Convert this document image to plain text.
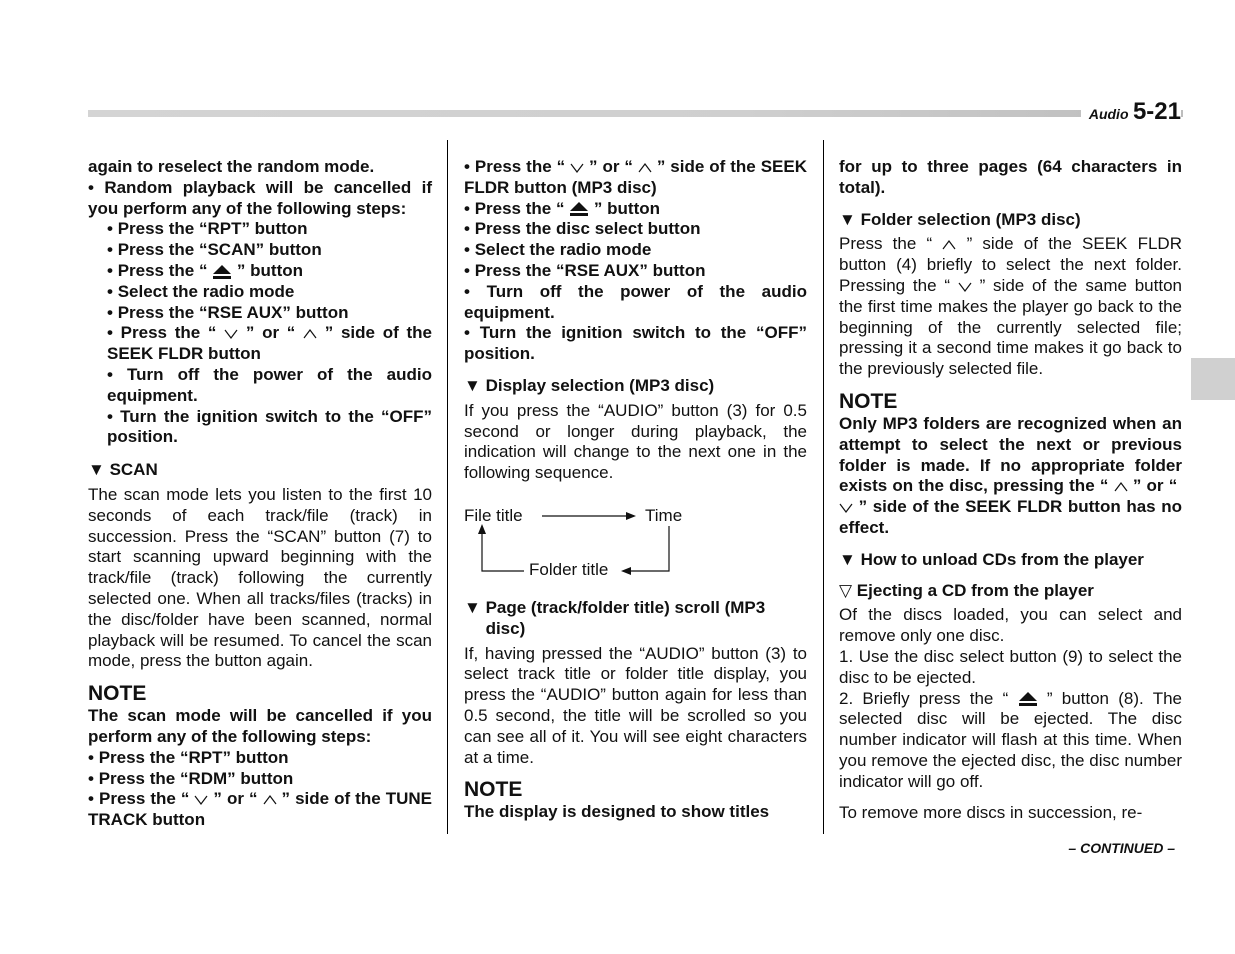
Audio 5-21
again to reselect the random mode.
• Random playback will be cancelled if you perform any of the following steps:
• Press the “RPT” button
• Press the “SCAN” button
• Press the “ ” button
• Select the radio mode
• Press the “RSE AUX” button
• Press the “ ” or “ ” side of the SEEK FLDR button
• Turn off the power of the audio equipment.
• Turn the ignition switch to the “OFF” position.
▼ SCAN
The scan mode lets you listen to the first 10 seconds of each track/file (track) in succession. Press the “SCAN” button (7) to start scanning upward beginning with the track/file (track) following the currently selected one. When all tracks/files (tracks) in the disc/folder have been scanned, normal playback will be resumed. To cancel the scan mode, press the button again.
NOTE
The scan mode will be cancelled if you perform any of the following steps:
• Press the “RPT” button
• Press the “RDM” button
• Press the “ ” or “ ” side of the TUNE TRACK button
• Press the “ ” or “ ” side of the SEEK FLDR button (MP3 disc)
• Press the “ ” button
• Press the disc select button
• Select the radio mode
• Press the “RSE AUX” button
• Turn off the power of the audio equipment.
• Turn the ignition switch to the “OFF” position.
▼ Display selection (MP3 disc)
If you press the “AUDIO” button (3) for 0.5 second or longer during playback, the indication will change to the next one in the following sequence.
File title	Time
Folder title
▼ Page (track/folder title) scroll (MP3 disc)
If, having pressed the “AUDIO” button (3) to select track title or folder title display, you press the “AUDIO” button again for less than 0.5 second, the title will be scrolled so you can see all of it. You will see eight characters at a time.
NOTE
The display is designed to show titles
for up to three pages (64 characters in total).
▼ Folder selection (MP3 disc)
Press the “ ” side of the SEEK FLDR button (4) briefly to select the next folder. Pressing the “ ” side of the same button the first time makes the player go back to the beginning of the currently selected file; pressing it a second time makes it go back to the previously selected file.
NOTE
Only MP3 folders are recognized when an attempt to select the next or previous folder is made. If no appropriate folder exists on the disc, pressing the “ ” or “  ” side of the SEEK FLDR button has no effect.
▼ How to unload CDs from the player
▽ Ejecting a CD from the player
Of the discs loaded, you can select and remove only one disc.
1. Use the disc select button (9) to select the disc to be ejected.
2. Briefly press the “ ” button (8). The selected disc will be ejected. The disc number indicator will flash at this time. When you remove the ejected disc, the disc number indicator will go off.
To remove more discs in succession, re-
– CONTINUED –
